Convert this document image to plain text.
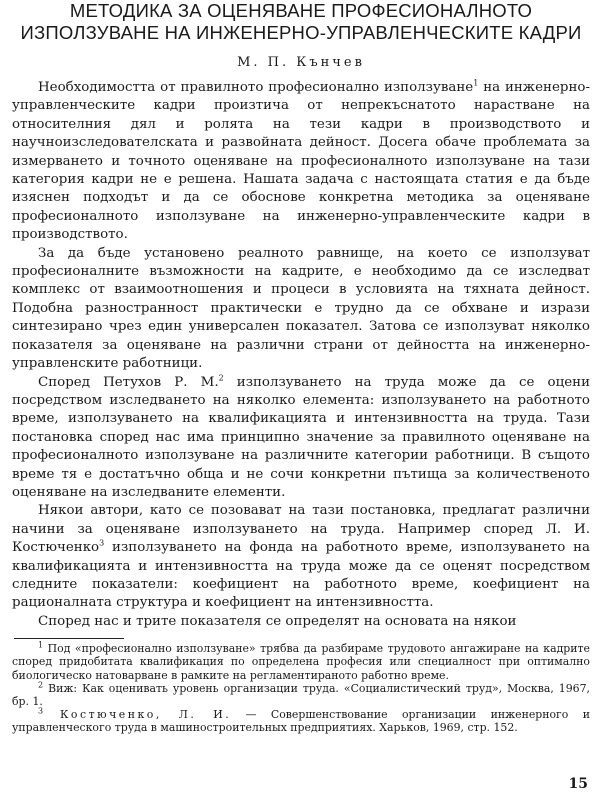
МЕТОДИКА ЗА ОЦЕНЯВАНЕ ПРОФЕСИОНАЛНОТО
ИЗПОЛЗУВАНЕ НА ИНЖЕНЕРНО-УПРАВЛЕНЧЕСКИТЕ КАДРИ
М. П. Кънчев

Необходимостта от правилното професионално използуване$^1$ на инженерно-управленческите кадри произтича от непрекъснатото нарастване на относителния дял и ролята на тези кадри в производството и научноизследователската и развойната дейност. Досега обаче проблемата за измерването и точното оценяване на професионалното използуване на тази категория кадри не е решена. Нашата задача с настоящата статия е да бъде изяснен подходът и да се обоснове конкретна методика за оценяване професионалното използуване на инженерно-управленческите кадри в производството.

За да бъде установено реалното равнище, на което се използуват професионалните възможности на кадрите, е необходимо да се изследват комплекс от взаимоотношения и процеси в условията на тяхната дейност. Подобна разностранност практически е трудно да се обхване и изрази синтезирано чрез един универсален показател. Затова се използуват няколко показателя за оценяване на различни страни от дейността на инженерно-управленските работници.

Според Петухов Р. М.$^2$ използуването на труда може да се оцени посредством изследването на няколко елемента: използуването на работното време, използуването на квалификацията и интензивността на труда. Тази постановка според нас има принципно значение за правилното оценяване на професионалното използуване на различните категории работници. В същото време тя е достатъчно обща и не сочи конкретни пътища за количественото оценяване на изследваните елементи.

Някои автори, като се позовават на тази постановка, предлагат различни начини за оценяване използуването на труда. Например според Л. И. Костюченко$^3$ използуването на фонда на работното време, използуването на квалификацията и интензивността на труда може да се оценят посредством следните показатели: коефициент на работното време, коефициент на рационалната структура и коефициент на интензивността.

Според нас и трите показателя се определят на основата на някои

$^1$ Под «професионално използуване» трябва да разбираме трудовото ангажиране на кадрите според придобитата квалификация по определена професия или специалност при оптимално биологическо натоварване в рамките на регламентираното работно време.

$^2$ Виж: Как оценивать уровень организации труда. «Социалистический труд», Москва, 1967, бр. 1.

$^3$ Костюченко, Л. И. — Совершенствование организации инженерного и управленческого труда в машиностроительных предприятиях. Харьков, 1969, стр. 152.

15
